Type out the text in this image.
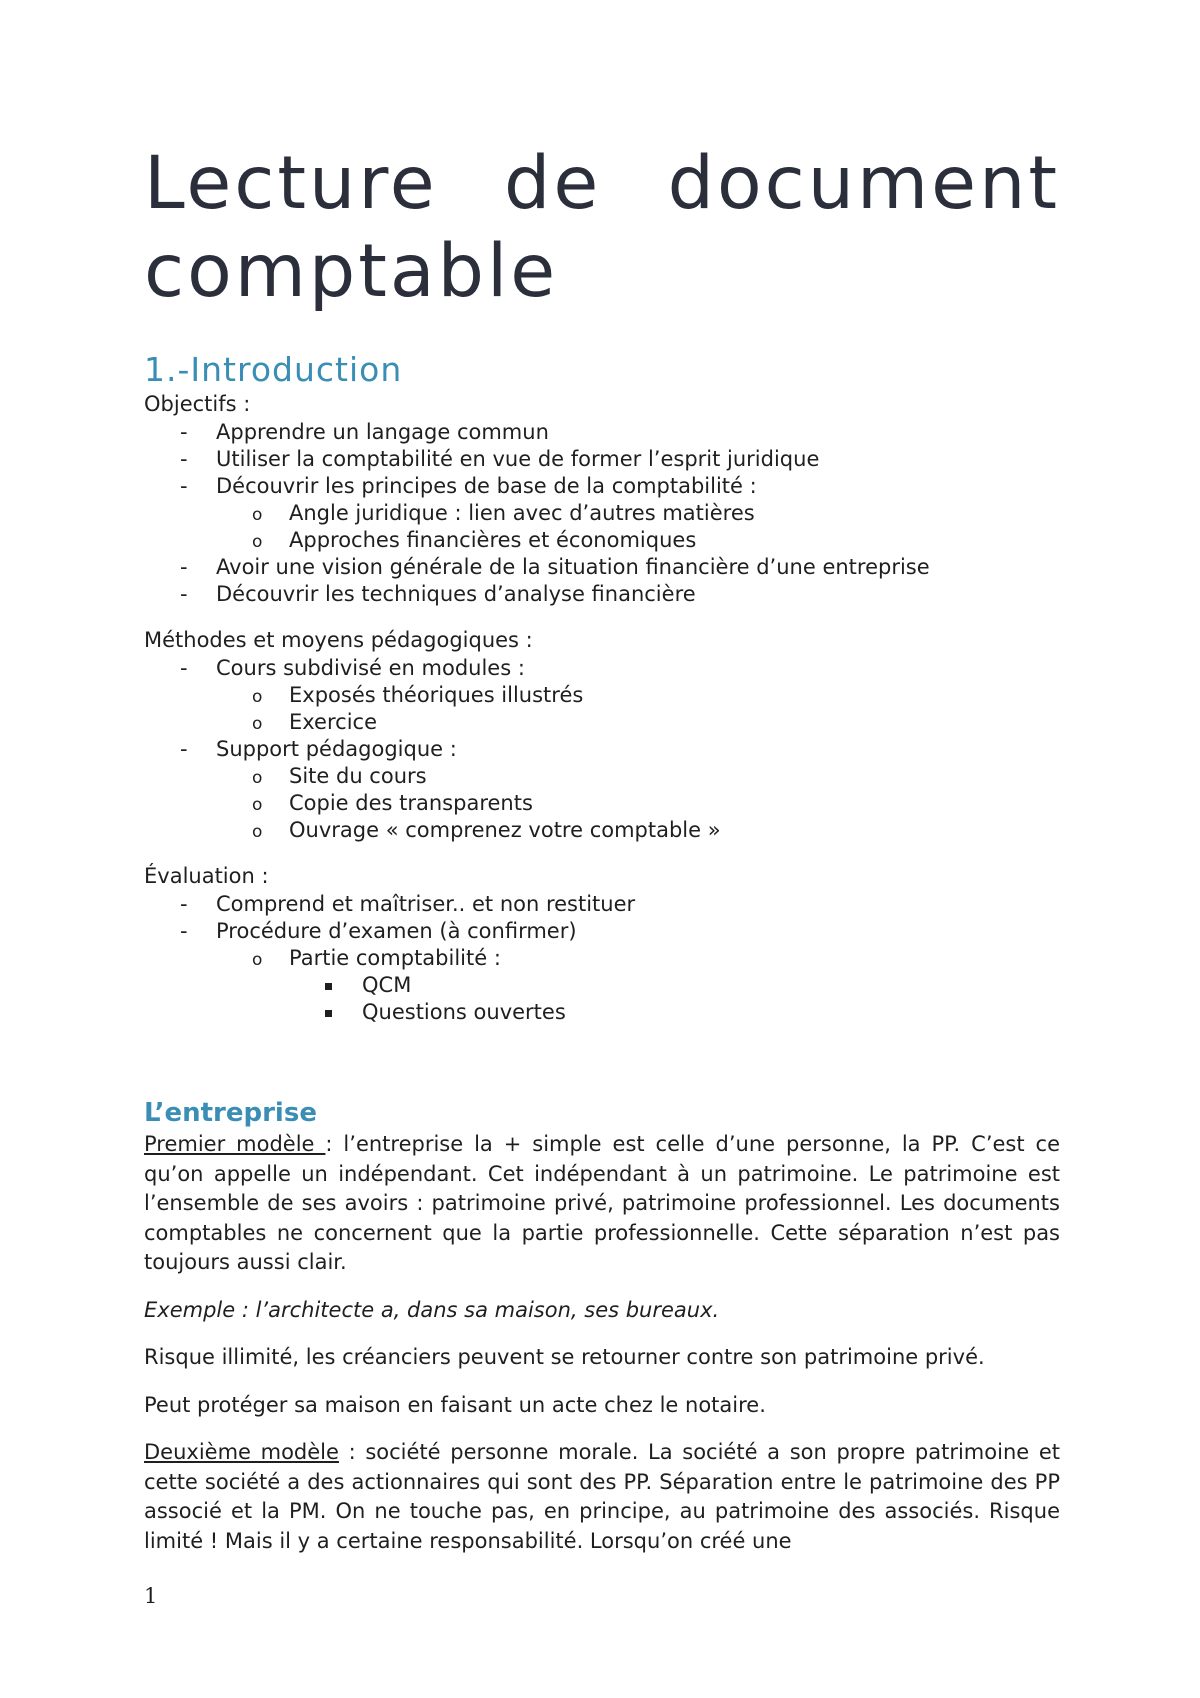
Lecture de document
comptable
1.-Introduction

Objectifs :

- Apprendre un langage commun
- Utiliser la comptabilité en vue de former l’esprit juridique
- Découvrir les principes de base de la comptabilité :
o Angle juridique : lien avec d’autres matières
o Approches financières et économiques
- Avoir une vision générale de la situation financière d’une entreprise
- Découvrir les techniques d’analyse financière

Méthodes et moyens pédagogiques :

- Cours subdivisé en modules :
o Exposés théoriques illustrés
o Exercice
- Support pédagogique :
o Site du cours
o Copie des transparents
o Ouvrage « comprenez votre comptable »

Évaluation :

- Comprend et maîtriser.. et non restituer
- Procédure d’examen (à confirmer)
o Partie comptabilité :
QCM
Questions ouvertes
L’entreprise

Premier modèle : l’entreprise la + simple est celle d’une personne, la PP. C’est ce qu’on appelle un indépendant. Cet indépendant à un patrimoine. Le patrimoine est l’ensemble de ses avoirs : patrimoine privé, patrimoine professionnel. Les documents comptables ne concernent que la partie professionnelle. Cette séparation n’est pas toujours aussi clair.

Exemple : l’architecte a, dans sa maison, ses bureaux.

Risque illimité, les créanciers peuvent se retourner contre son patrimoine privé.

Peut protéger sa maison en faisant un acte chez le notaire.

Deuxième modèle : société personne morale. La société a son propre patrimoine et cette société a des actionnaires qui sont des PP. Séparation entre le patrimoine des PP associé et la PM. On ne touche pas, en principe, au patrimoine des associés. Risque limité ! Mais il y a certaine responsabilité. Lorsqu’on créé une

1
